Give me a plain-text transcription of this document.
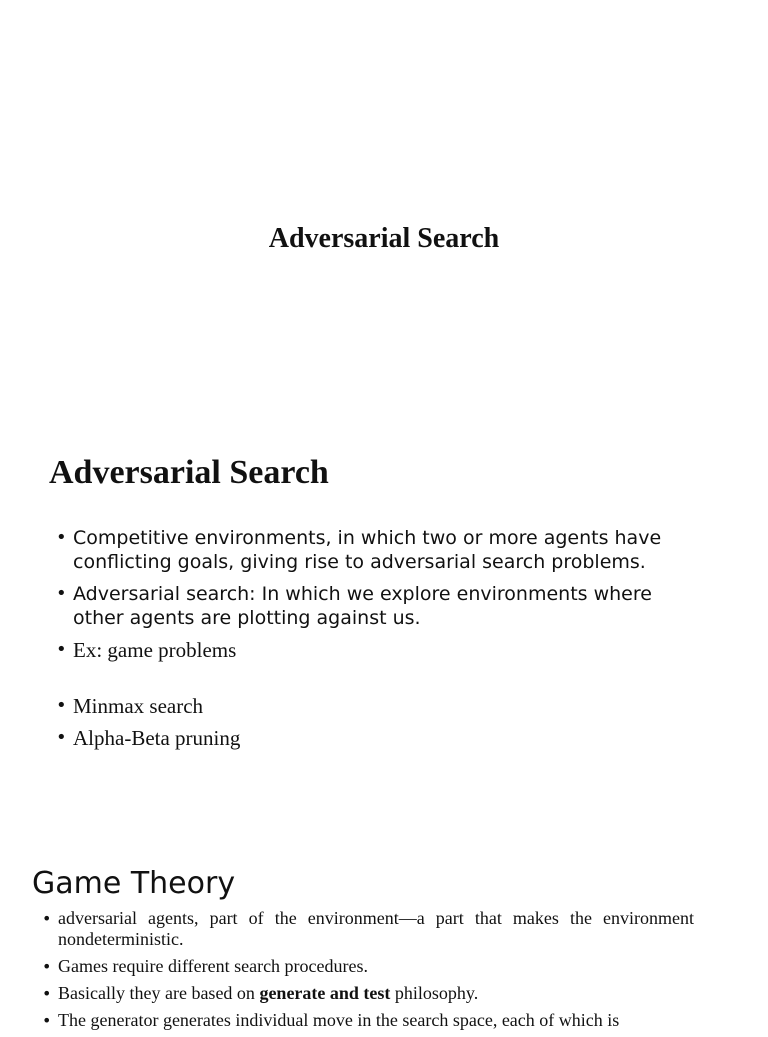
Adversarial Search
Adversarial Search
• Competitive environments, in which two or more agents have conflicting goals, giving rise to adversarial search problems.
• Adversarial search: In which we explore environments where other agents are plotting against us.
• Ex: game problems
• Minmax search
• Alpha-Beta pruning
Game Theory
• adversarial agents, part of the environment—a part that makes the environment nondeterministic.
• Games require different search procedures.
• Basically they are based on generate and test philosophy.
• The generator generates individual move in the search space, each of which is
